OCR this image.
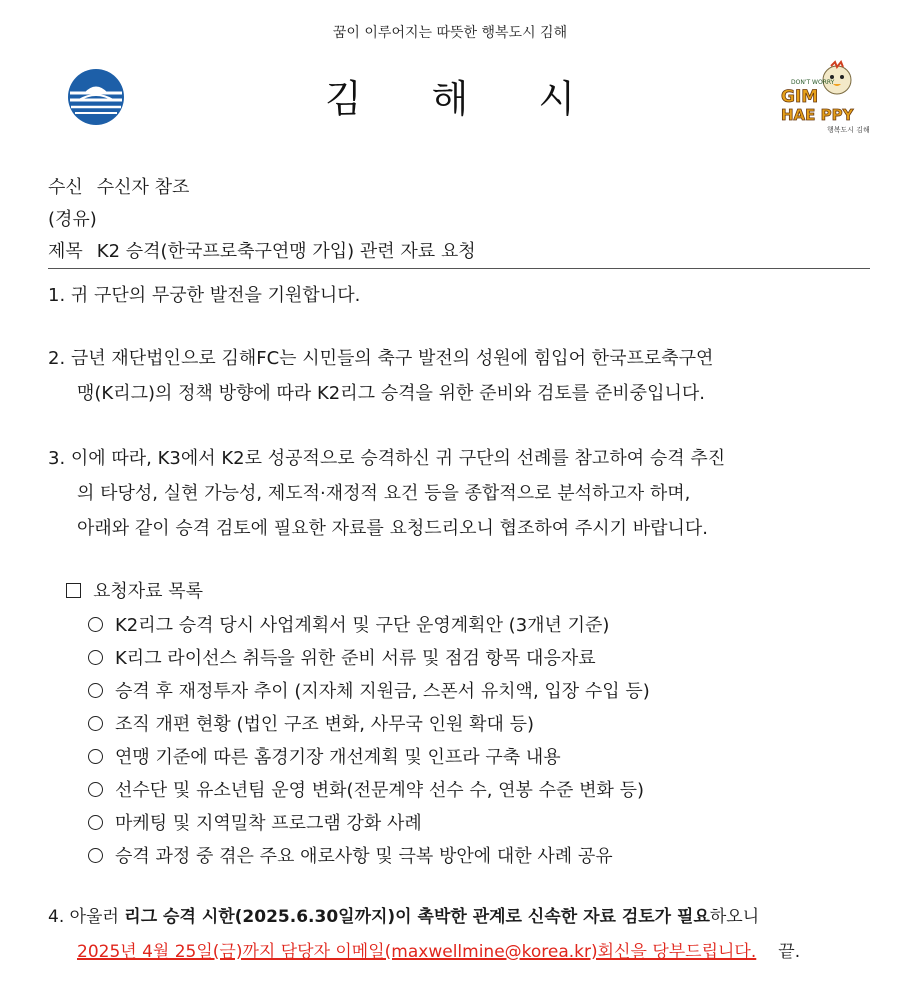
꿈이 이루어지는 따뜻한 행복도시 김해
김해시	DON'T WORRY
GIM
HAE PPY
행복도시 김해
수신 수신자 참조
(경유)
제목 K2 승격(한국프로축구연맹 가입) 관련 자료 요청
1. 귀 구단의 무궁한 발전을 기원합니다.
2. 금년 재단법인으로 김해FC는 시민들의 축구 발전의 성원에 힘입어 한국프로축구연
맹(K리그)의 정책 방향에 따라 K2리그 승격을 위한 준비와 검토를 준비중입니다.
3. 이에 따라, K3에서 K2로 성공적으로 승격하신 귀 구단의 선례를 참고하여 승격 추진
의 타당성, 실현 가능성, 제도적·재정적 요건 등을 종합적으로 분석하고자 하며,
아래와 같이 승격 검토에 필요한 자료를 요청드리오니 협조하여 주시기 바랍니다.
요청자료 목록
K2리그 승격 당시 사업계획서 및 구단 운영계획안 (3개년 기준)
K리그 라이선스 취득을 위한 준비 서류 및 점검 항목 대응자료
승격 후 재정투자 추이 (지자체 지원금, 스폰서 유치액, 입장 수입 등)
조직 개편 현황 (법인 구조 변화, 사무국 인원 확대 등)
연맹 기준에 따른 홈경기장 개선계획 및 인프라 구축 내용
선수단 및 유소년팀 운영 변화(전문계약 선수 수, 연봉 수준 변화 등)
마케팅 및 지역밀착 프로그램 강화 사례
승격 과정 중 겪은 주요 애로사항 및 극복 방안에 대한 사례 공유
4. 아울러 리그 승격 시한(2025.6.30일까지)이 촉박한 관계로 신속한 자료 검토가 필요하오니
2025년 4월 25일(금)까지 담당자 이메일(maxwellmine@korea.kr)회신을 당부드립니다. 끝.
